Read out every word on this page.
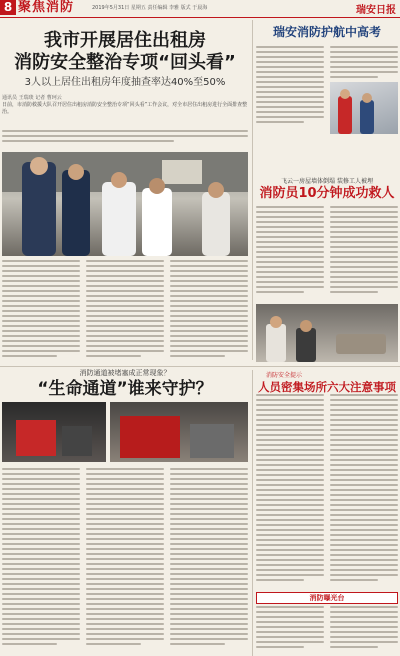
8 聚焦消防	2019年5月31日 星期五 责任编辑 李雅 版式 于晨海	瑞安日报
我市开展居住出租房
消防安全整治专项“回头看”
3人以上居住出租房年度抽查率达40%至50%
通讯员 王瑞琰 记者 曹珂云
日前，市消防救援大队召开居住出租房消防安全整治专项“回头看”工作会议，对全市居住出租房进行全面排查整治。
瑞安消防护航中高考
飞云一房屋墙体倒塌 装修工人被埋
消防员10分钟成功救人
消防通道被堵塞成正常现象？
“生命通道”谁来守护？
消防安全提示
人员密集场所六大注意事项
消防曝光台
